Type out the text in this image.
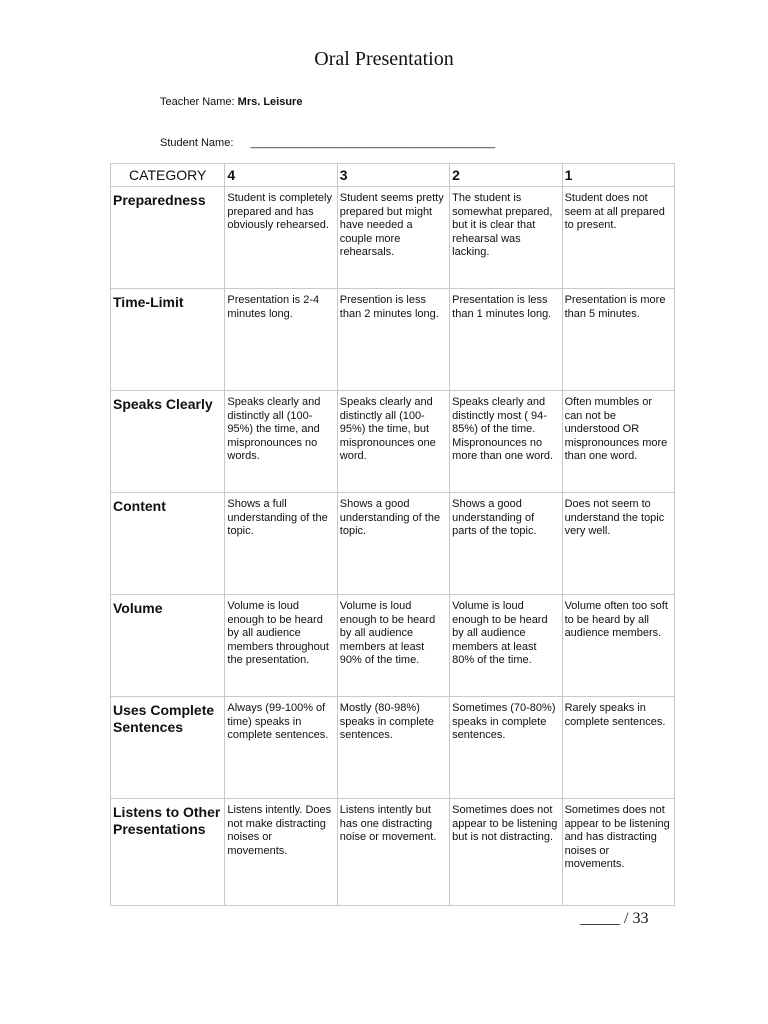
Oral Presentation
Teacher Name: Mrs. Leisure
Student Name: ________________________________________
CATEGORY	4	3	2	1
Preparedness	Student is completely prepared and has obviously rehearsed.	Student seems pretty prepared but might have needed a couple more rehearsals.	The student is somewhat prepared, but it is clear that rehearsal was lacking.	Student does not seem at all prepared to present.
Time-Limit	Presentation is 2-4 minutes long.	Presention is less than 2 minutes long.	Presentation is less than 1 minutes long.	Presentation is more than 5 minutes.
Speaks Clearly	Speaks clearly and distinctly all (100-95%) the time, and mispronounces no words.	Speaks clearly and distinctly all (100-95%) the time, but mispronounces one word.	Speaks clearly and distinctly most ( 94-85%) of the time. Mispronounces no more than one word.	Often mumbles or can not be understood OR mispronounces more than one word.
Content	Shows a full understanding of the topic.	Shows a good understanding of the topic.	Shows a good understanding of parts of the topic.	Does not seem to understand the topic very well.
Volume	Volume is loud enough to be heard by all audience members throughout the presentation.	Volume is loud enough to be heard by all audience members at least 90% of the time.	Volume is loud enough to be heard by all audience members at least 80% of the time.	Volume often too soft to be heard by all audience members.
Uses Complete Sentences	Always (99-100% of time) speaks in complete sentences.	Mostly (80-98%) speaks in complete sentences.	Sometimes (70-80%) speaks in complete sentences.	Rarely speaks in complete sentences.
Listens to Other Presentations	Listens intently. Does not make distracting noises or movements.	Listens intently but has one distracting noise or movement.	Sometimes does not appear to be listening but is not distracting.	Sometimes does not appear to be listening and has distracting noises or movements.
_____ / 33
